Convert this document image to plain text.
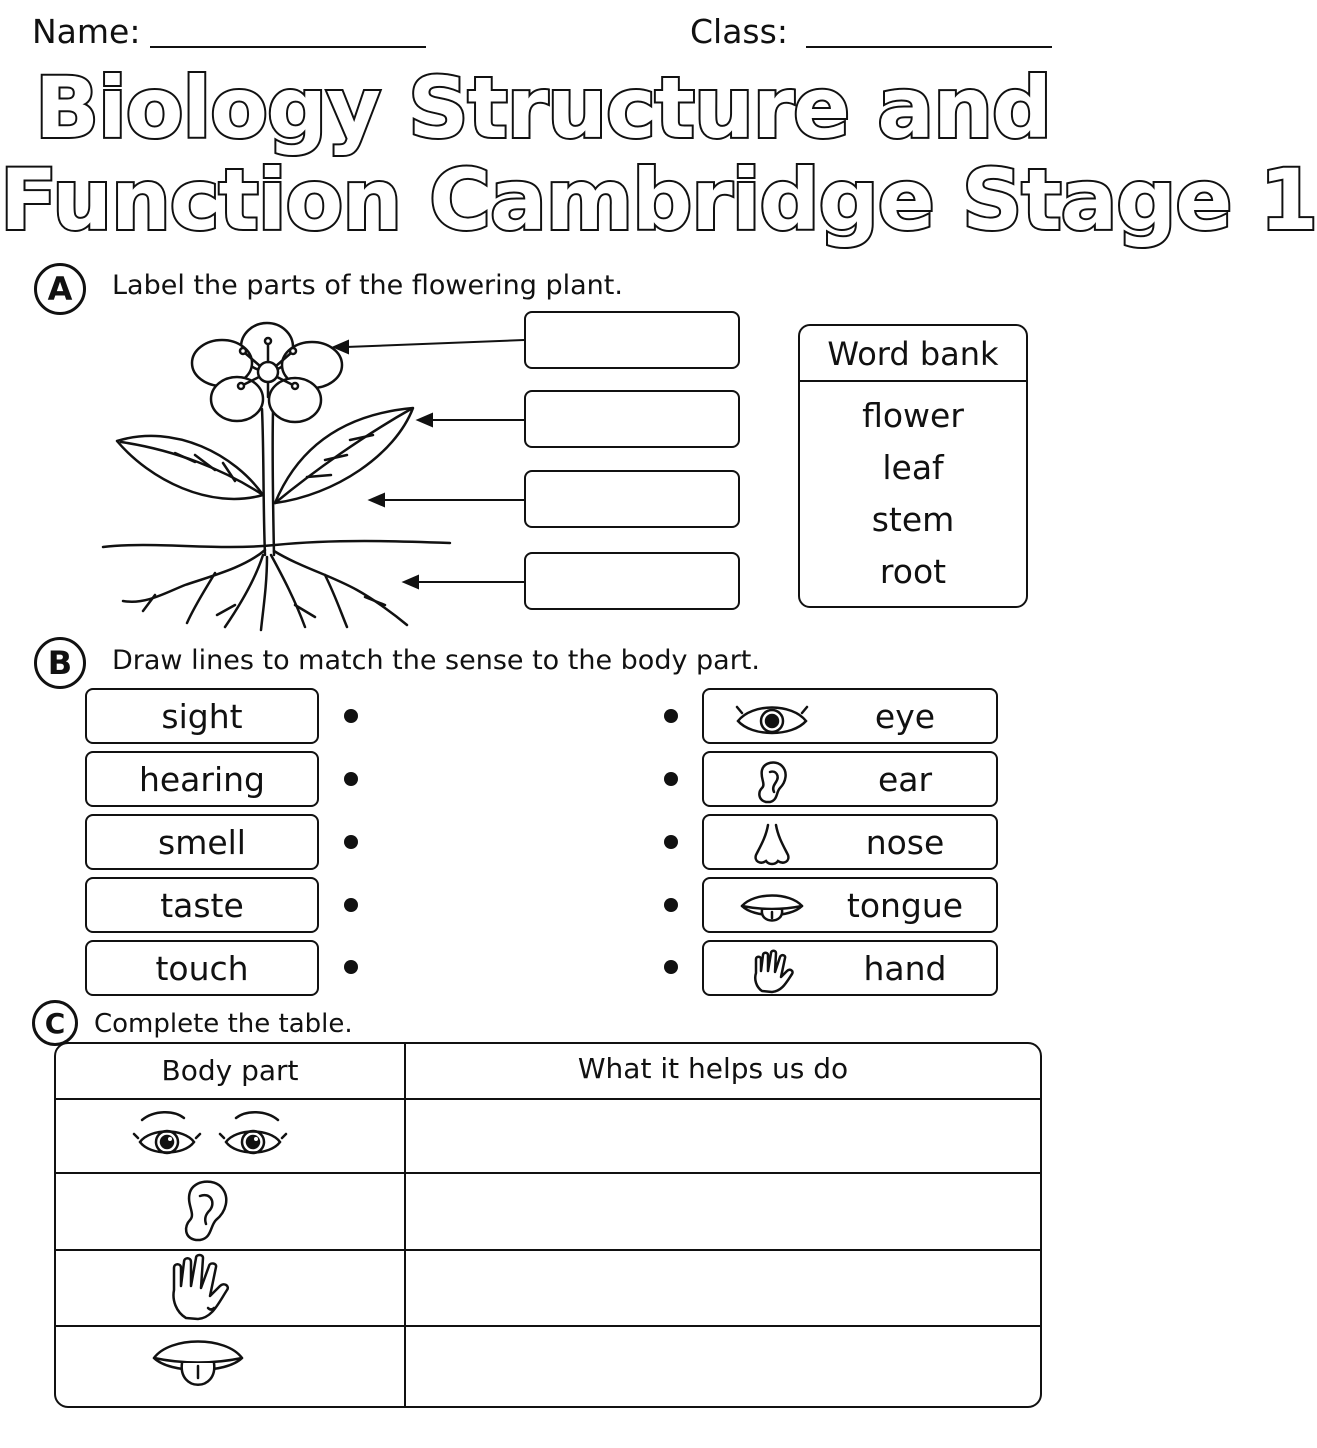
Name:	Class:
Biology Structure and
Function Cambridge Stage 1
A	Label the parts of the flowering plant.
Word bank
flower
leaf
stem
root
B	Draw lines to match the sense to the body part.
sight
hearing
smell
taste
touch
eye
ear
nose
tongue
hand
C	Complete the table.
Body part	What it helps us do
